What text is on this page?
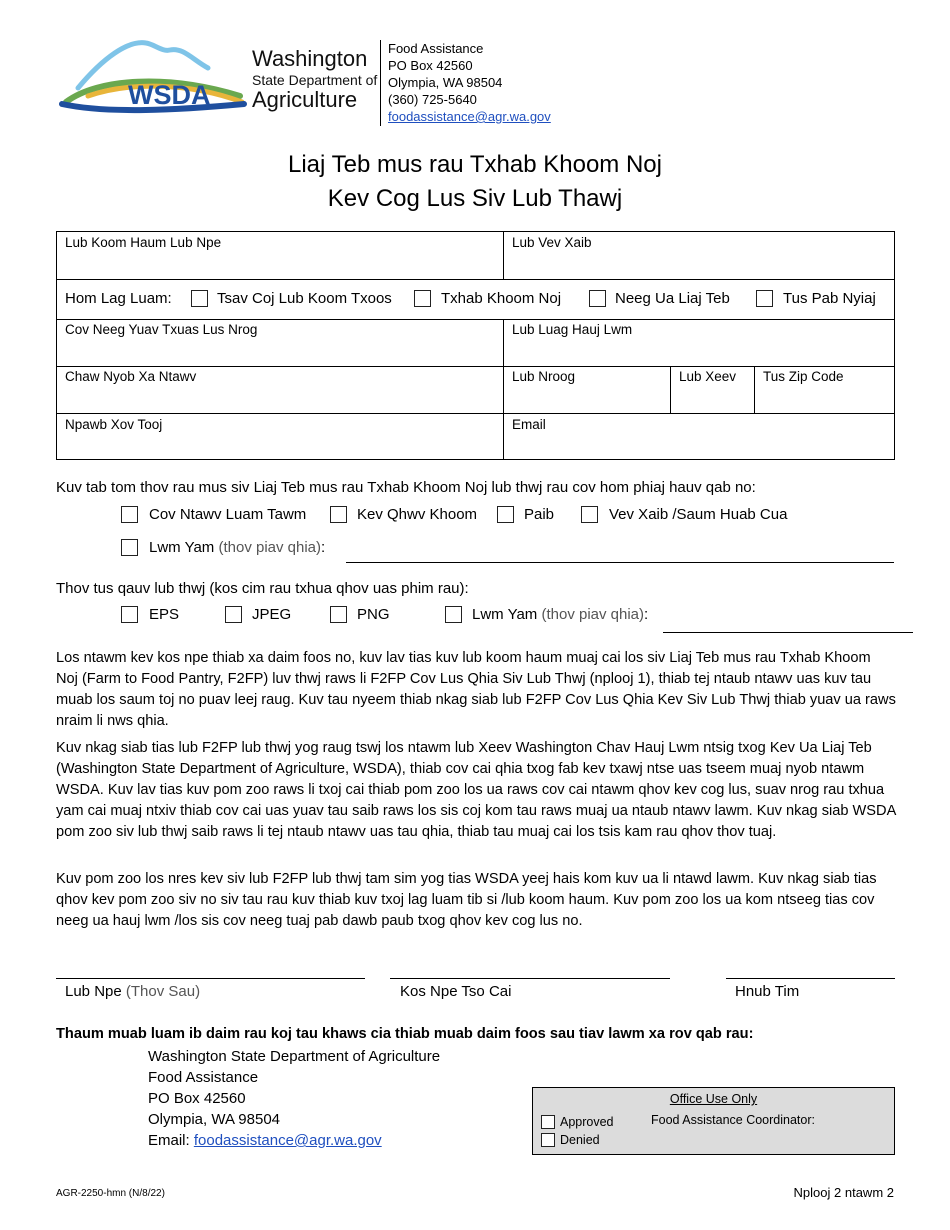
WSDA
Washington
State Department of
Agriculture
Food Assistance
PO Box 42560
Olympia, WA 98504
(360) 725-5640
foodassistance@agr.wa.gov
Liaj Teb mus rau Txhab Khoom Noj
Kev Cog Lus Siv Lub Thawj
Lub Koom Haum Lub Npe	Lub Vev Xaib
Hom Lag Luam:	Tsav Coj Lub Koom Txoos	Txhab Khoom Noj	Neeg Ua Liaj Teb	Tus Pab Nyiaj
Cov Neeg Yuav Txuas Lus Nrog	Lub Luag Hauj Lwm
Chaw Nyob Xa Ntawv	Lub Nroog	Lub Xeev	Tus Zip Code
Npawb Xov Tooj	Email
Kuv tab tom thov rau mus siv Liaj Teb mus rau Txhab Khoom Noj lub thwj rau cov hom phiaj hauv qab no:
Cov Ntawv Luam Tawm	Kev Qhwv Khoom	Paib	Vev Xaib /Saum Huab Cua
Lwm Yam (thov piav qhia):
Thov tus qauv lub thwj (kos cim rau txhua qhov uas phim rau):
EPS	JPEG	PNG	Lwm Yam (thov piav qhia):
Los ntawm kev kos npe thiab xa daim foos no, kuv lav tias kuv lub koom haum muaj cai los siv Liaj Teb mus rau Txhab Khoom Noj (Farm to Food Pantry, F2FP) luv thwj raws li F2FP Cov Lus Qhia Siv Lub Thwj (nplooj 1), thiab tej ntaub ntawv uas kuv tau muab los saum toj no puav leej raug. Kuv tau nyeem thiab nkag siab lub F2FP Cov Lus Qhia Kev Siv Lub Thwj thiab yuav ua raws nraim li nws qhia.
Kuv nkag siab tias lub F2FP lub thwj yog raug tswj los ntawm lub Xeev Washington Chav Hauj Lwm ntsig txog Kev Ua Liaj Teb (Washington State Department of Agriculture, WSDA), thiab cov cai qhia txog fab kev txawj ntse uas tseem muaj nyob ntawm WSDA. Kuv lav tias kuv pom zoo raws li txoj cai thiab pom zoo los ua raws cov cai ntawm qhov kev cog lus, suav nrog rau txhua yam cai muaj ntxiv thiab cov cai uas yuav tau saib raws los sis coj kom tau raws muaj ua ntaub ntawv lawm. Kuv nkag siab WSDA pom zoo siv lub thwj saib raws li tej ntaub ntawv uas tau qhia, thiab tau muaj cai los tsis kam rau qhov thov tuaj.
Kuv pom zoo los nres kev siv lub F2FP lub thwj tam sim yog tias WSDA yeej hais kom kuv ua li ntawd lawm. Kuv nkag siab tias qhov kev pom zoo siv no siv tau rau kuv thiab kuv txoj lag luam tib si /lub koom haum. Kuv pom zoo los ua kom ntseeg tias cov neeg ua hauj lwm /los sis cov neeg tuaj pab dawb paub txog qhov kev cog lus no.
Lub Npe (Thov Sau)	Kos Npe Tso Cai	Hnub Tim
Thaum muab luam ib daim rau koj tau khaws cia thiab muab daim foos sau tiav lawm xa rov qab rau:
Washington State Department of Agriculture
Food Assistance
PO Box 42560
Olympia, WA 98504
Email: foodassistance@agr.wa.gov
Office Use Only
Approved
Denied
Food Assistance Coordinator:
AGR-2250-hmn (N/8/22)	Nplooj 2 ntawm 2
